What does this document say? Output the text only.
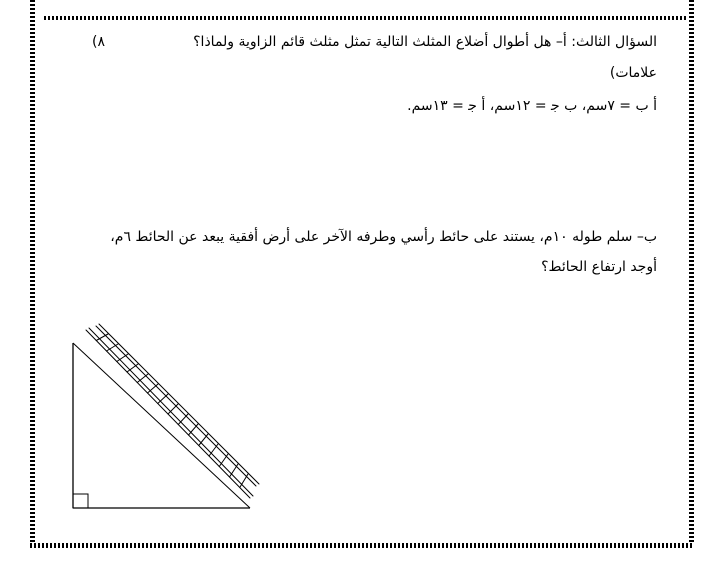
السؤال الثالث: أ– هل أطوال أضلاع المثلث التالية تمثل مثلث قائم الزاوية ولماذا؟
(٨
علامات)
أ ب = ٧سم، ب ﺟ = ١٢سم، أ ﺟ = ١٣سم.
ب– سلم طوله ١٠م، يستند على حائط رأسي وطرفه الآخر على أرض أفقية يبعد عن الحائط ٦م،
أوجد ارتفاع الحائط؟
